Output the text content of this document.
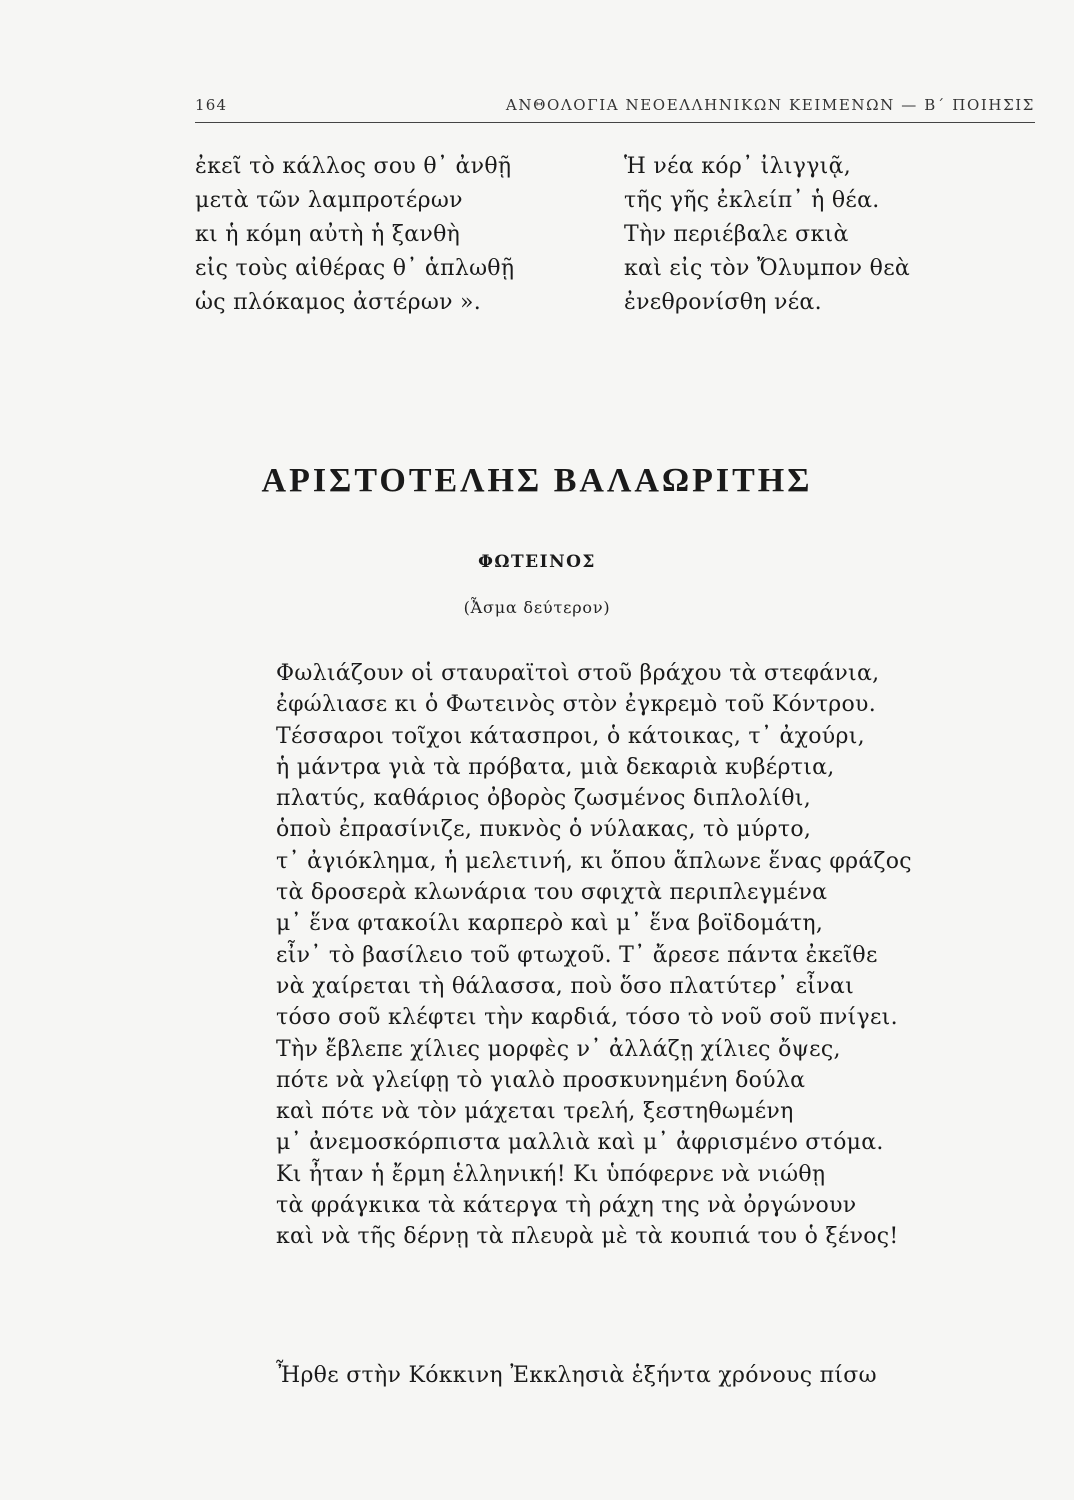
164	ΑΝΘΟΛΟΓΙΑ ΝΕΟΕΛΛΗΝΙΚΩΝ ΚΕΙΜΕΝΩΝ — Β΄ ΠΟΙΗΣΙΣ
ἐκεῖ τὸ κάλλος σου θ᾽ ἀνθῇ
μετὰ τῶν λαμπροτέρων
κι ἡ κόμη αὐτὴ ἡ ξανθὴ
εἰς τοὺς αἰθέρας θ᾽ ἁπλωθῇ
ὡς πλόκαμος ἀστέρων ».
Ἡ νέα κόρ᾽ ἰλιγγιᾷ,
τῆς γῆς ἐκλείπ᾽ ἡ θέα.
Τὴν περιέβαλε σκιὰ
καὶ εἰς τὸν Ὄλυμπον θεὰ
ἐνεθρονίσθη νέα.
ΑΡΙΣΤΟΤΕΛΗΣ ΒΑΛΑΩΡΙΤΗΣ
ΦΩΤΕΙΝΟΣ
(Ἆσμα δεύτερον)
Φωλιάζουν οἱ σταυραϊτοὶ στοῦ βράχου τὰ στεφάνια,
ἐφώλιασε κι ὁ Φωτεινὸς στὸν ἐγκρεμὸ τοῦ Κόντρου.
Τέσσαροι τοῖχοι κάτασπροι, ὁ κάτοικας, τ᾽ ἀχούρι,
ἡ μάντρα γιὰ τὰ πρόβατα, μιὰ δεκαριὰ κυβέρτια,
πλατύς, καθάριος ὀβορὸς ζωσμένος διπλολίθι,
ὁποὺ ἐπρασίνιζε, πυκνὸς ὁ νύλακας, τὸ μύρτο,
τ᾽ ἀγιόκλημα, ἡ μελετινή, κι ὅπου ἅπλωνε ἕνας φράζος
τὰ δροσερὰ κλωνάρια του σφιχτὰ περιπλεγμένα
μ᾽ ἕνα φτακοίλι καρπερὸ καὶ μ᾽ ἕνα βοϊδομάτη,
εἶν᾽ τὸ βασίλειο τοῦ φτωχοῦ. Τ᾽ ἄρεσε πάντα ἐκεῖθε
νὰ χαίρεται τὴ θάλασσα, ποὺ ὅσο πλατύτερ᾽ εἶναι
τόσο σοῦ κλέφτει τὴν καρδιά, τόσο τὸ νοῦ σοῦ πνίγει.
Τὴν ἔβλεπε χίλιες μορφὲς ν᾽ ἀλλάζῃ χίλιες ὄψες,
πότε νὰ γλείφῃ τὸ γιαλὸ προσκυνημένη δούλα
καὶ πότε νὰ τὸν μάχεται τρελή, ξεστηθωμένη
μ᾽ ἀνεμοσκόρπιστα μαλλιὰ καὶ μ᾽ ἀφρισμένο στόμα.
Κι ἦταν ἡ ἔρμη ἑλληνική! Κι ὑπόφερνε νὰ νιώθῃ
τὰ φράγκικα τὰ κάτεργα τὴ ράχη της νὰ ὀργώνουν
καὶ νὰ τῆς δέρνῃ τὰ πλευρὰ μὲ τὰ κουπιά του ὁ ξένος!
Ἦρθε στὴν Κόκκινη Ἐκκλησιὰ ἑξήντα χρόνους πίσω
